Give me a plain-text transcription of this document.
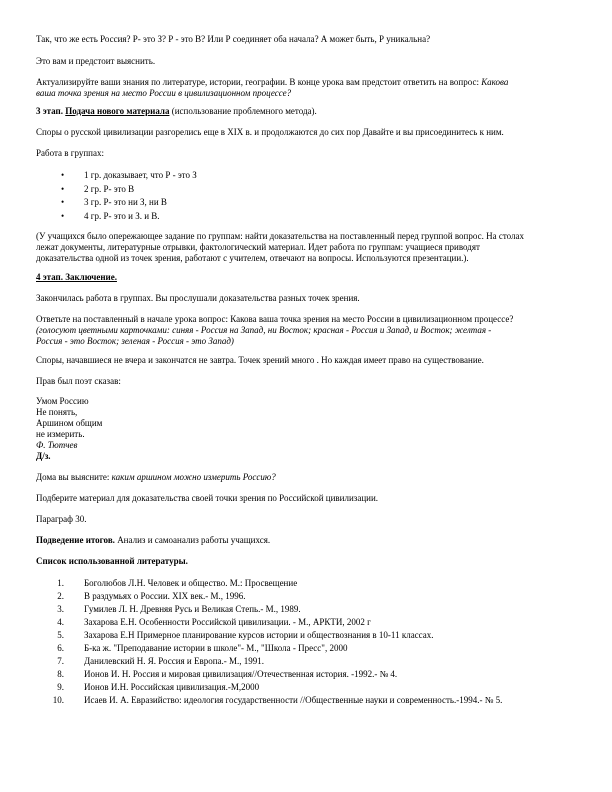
Так, что же есть Россия? Р- это З? Р - это В? Или Р соединяет оба начала? А может быть, Р уникальна?
Это вам и предстоит выяснить.
Актуализируйте ваши знания по литературе, истории, географии. В конце урока вам предстоит ответить на вопрос: Какова
ваша точка зрения на место России в цивилизационном процессе?
3 этап. Подача нового материала (использование проблемного метода).
Споры о русской цивилизации разгорелись еще в XIX в. и продолжаются до сих пор Давайте и вы присоединитесь к ним.
Работа в группах:
• 1 гр. доказывает, что Р - это З
• 2 гр. Р- это В
• 3 гр. Р- это ни З, ни В
• 4 гр. Р- это и З. и В.
(У учащихся было опережающее задание по группам: найти доказательства на поставленный перед группой вопрос. На столах
лежат документы, литературные отрывки, фактологический материал. Идет работа по группам: учащиеся приводят
доказательства одной из точек зрения, работают с учителем, отвечают на вопросы. Используются презентации.).
4 этап. Заключение.
Закончилась работа в группах. Вы прослушали доказательства разных точек зрения.
Ответьте на поставленный в начале урока вопрос: Какова ваша точка зрения на место России в цивилизационном процессе?
(голосуют цветными карточками: синяя - Россия на Запад, ни Восток; красная - Россия и Запад, и Восток; желтая -
Россия - это Восток; зеленая - Россия - это Запад)
Споры, начавшиеся не вчера и закончатся не завтра. Точек зрений много . Но каждая имеет право на существование.
Прав был поэт сказав:
Умом Россию
Не понять,
Аршином общим
не измерить.
Ф. Тютчев
Д/з.
Дома вы выясните: каким аршином можно измерить Россию?
Подберите материал для доказательства своей точки зрения по Российской цивилизации.
Параграф 30.
Подведение итогов. Анализ и самоанализ работы учащихся.
Список использованной литературы.
1. Боголюбов Л.Н. Человек и общество. М.: Просвещение
2. В раздумьях о России. XIX век.- М., 1996.
3. Гумилев Л. Н. Древняя Русь и Великая Степь.- М., 1989.
4. Захарова Е.Н. Особенности Российской цивилизации. - М., АРКТИ, 2002 г
5. Захарова Е.Н Примерное планирование курсов истории и обществознания в 10-11 классах.
6. Б-ка ж. "Преподавание истории в школе"- М., "Школа - Пресс", 2000
7. Данилевский Н. Я. Россия и Европа.- М., 1991.
8. Ионов И. Н. Россия и мировая цивилизация//Отечественная история. -1992.- № 4.
9. Ионов И.Н. Российская цивилизация.-М,2000
10. Исаев И. А. Евразийство: идеология государственности //Общественные науки и современность.-1994.- № 5.
